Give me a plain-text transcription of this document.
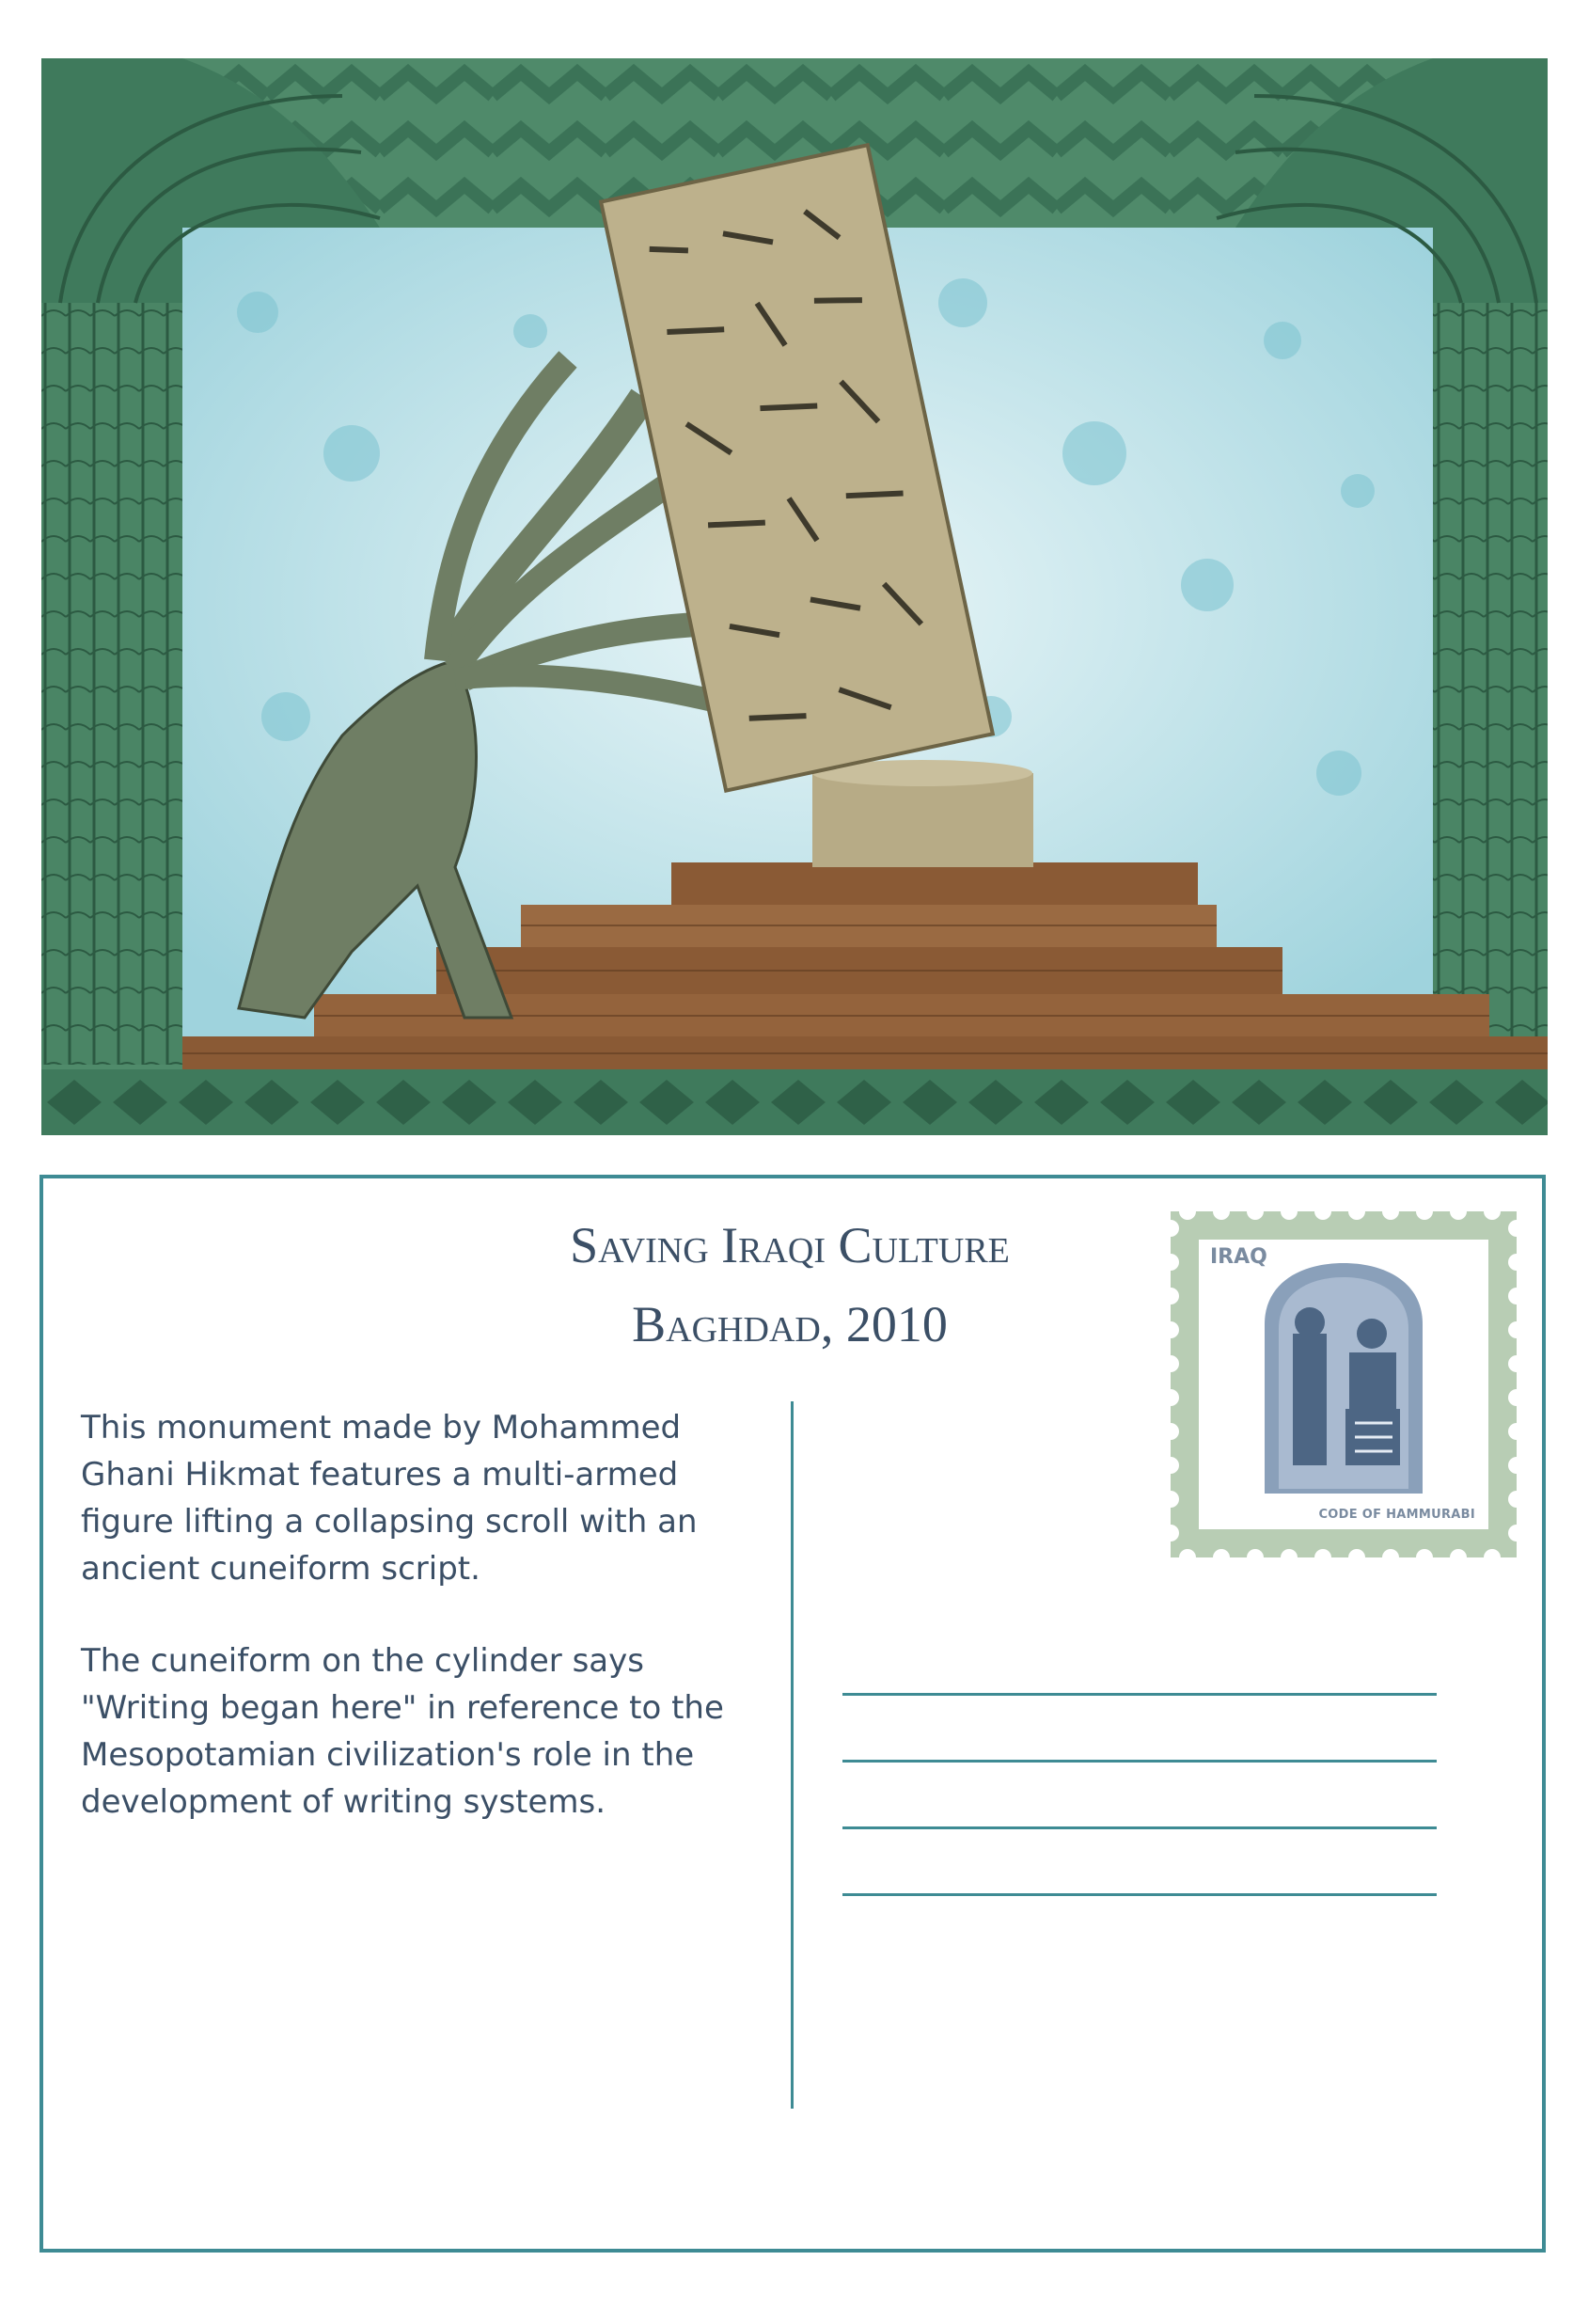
Saving Iraqi Culture
Baghdad, 2010

This monument made by Mohammed Ghani Hikmat features a multi-armed figure lifting a collapsing scroll with an ancient cuneiform script.

The cuneiform on the cylinder says "Writing began here" in reference to the Mesopotamian civilization's role in the development of writing systems.

IRAQ
CODE OF HAMMURABI
